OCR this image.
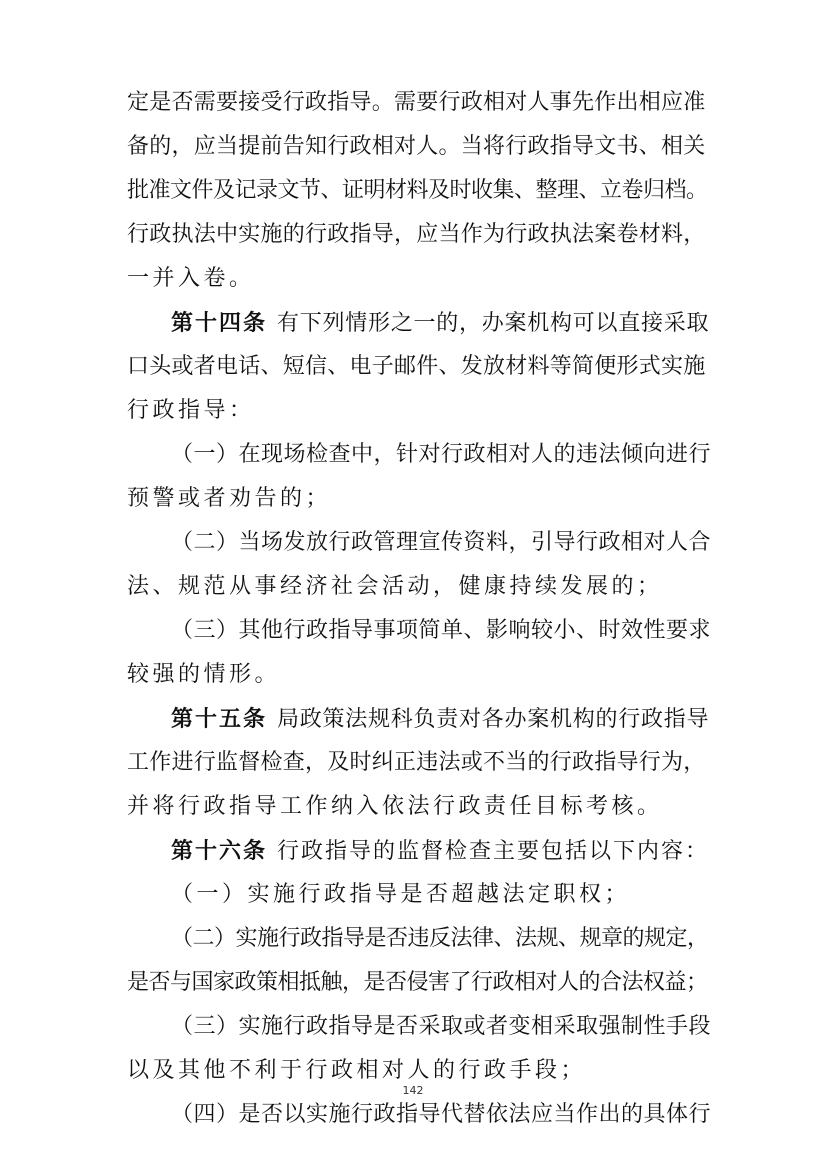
定是否需要接受行政指导。需要行政相对人事先作出相应准
备的，应当提前告知行政相对人。当将行政指导文书、相关
批准文件及记录文节、证明材料及时收集、整理、立卷归档。
行政执法中实施的行政指导，应当作为行政执法案卷材料，
一并入卷。
第十四条 有下列情形之一的，办案机构可以直接采取
口头或者电话、短信、电子邮件、发放材料等简便形式实施
行政指导：
（一）在现场检查中，针对行政相对人的违法倾向进行
预警或者劝告的；
（二）当场发放行政管理宣传资料，引导行政相对人合
法、规范从事经济社会活动，健康持续发展的；
（三）其他行政指导事项简单、影响较小、时效性要求
较强的情形。
第十五条 局政策法规科负责对各办案机构的行政指导
工作进行监督检查，及时纠正违法或不当的行政指导行为，
并将行政指导工作纳入依法行政责任目标考核。
第十六条 行政指导的监督检查主要包括以下内容：
（一）实施行政指导是否超越法定职权；
（二）实施行政指导是否违反法律、法规、规章的规定，
是否与国家政策相抵触，是否侵害了行政相对人的合法权益；
（三）实施行政指导是否采取或者变相采取强制性手段
以及其他不利于行政相对人的行政手段；
（四）是否以实施行政指导代替依法应当作出的具体行
142
